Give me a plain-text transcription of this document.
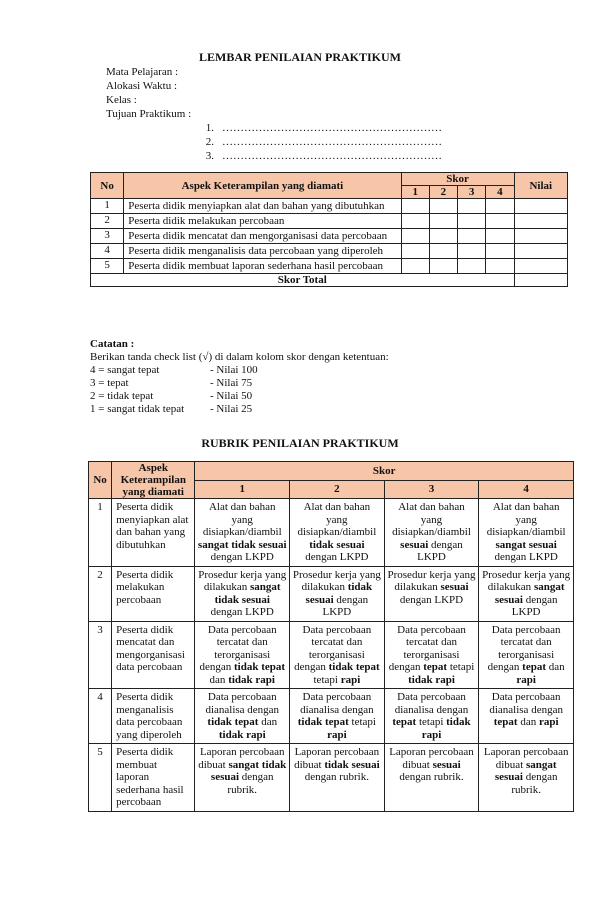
LEMBAR PENILAIAN PRAKTIKUM
Mata Pelajaran :
Alokasi Waktu :
Kelas :
Tujuan Praktikum :
1. ……………………………………………………
2. ……………………………………………………
3. ……………………………………………………
No	Aspek Keterampilan yang diamati	Skor				Nilai
		1	2	3	4	
1	Peserta didik menyiapkan alat dan bahan yang dibutuhkan					
2	Peserta didik melakukan percobaan					
3	Peserta didik mencatat dan mengorganisasi data percobaan					
4	Peserta didik menganalisis data percobaan yang diperoleh					
5	Peserta didik membuat laporan sederhana hasil percobaan					
Skor Total						
Catatan :
Berikan tanda check list (√) di dalam kolom skor dengan ketentuan:
4 = sangat tepat	- Nilai 100
3 = tepat	- Nilai 75
2 = tidak tepat	- Nilai 50
1 = sangat tidak tepat - Nilai 25
RUBRIK PENILAIAN PRAKTIKUM
No	Aspek Keterampilan yang diamati	Skor			
		1	2	3	4
1	Peserta didik menyiapkan alat dan bahan yang dibutuhkan	Alat dan bahan yang disiapkan/diambil sangat tidak sesuai dengan LKPD	Alat dan bahan yang disiapkan/diambil tidak sesuai dengan LKPD	Alat dan bahan yang disiapkan/diambil sesuai dengan LKPD	Alat dan bahan yang disiapkan/diambil sangat sesuai dengan LKPD
2	Peserta didik melakukan percobaan	Prosedur kerja yang dilakukan sangat tidak sesuai dengan LKPD	Prosedur kerja yang dilakukan tidak sesuai dengan LKPD	Prosedur kerja yang dilakukan sesuai dengan LKPD	Prosedur kerja yang dilakukan sangat sesuai dengan LKPD
3	Peserta didik mencatat dan mengorganisasi data percobaan	Data percobaan tercatat dan terorganisasi dengan tidak tepat dan tidak rapi	Data percobaan tercatat dan terorganisasi dengan tidak tepat tetapi rapi	Data percobaan tercatat dan terorganisasi dengan tepat tetapi tidak rapi	Data percobaan tercatat dan terorganisasi dengan tepat dan rapi
4	Peserta didik menganalisis data percobaan yang diperoleh	Data percobaan dianalisa dengan tidak tepat dan tidak rapi	Data percobaan dianalisa dengan tidak tepat tetapi rapi	Data percobaan dianalisa dengan tepat tetapi tidak rapi	Data percobaan dianalisa dengan tepat dan rapi
5	Peserta didik membuat laporan sederhana hasil percobaan	Laporan percobaan dibuat sangat tidak sesuai dengan rubrik.	Laporan percobaan dibuat tidak sesuai dengan rubrik.	Laporan percobaan dibuat sesuai dengan rubrik.	Laporan percobaan dibuat sangat sesuai dengan rubrik.
